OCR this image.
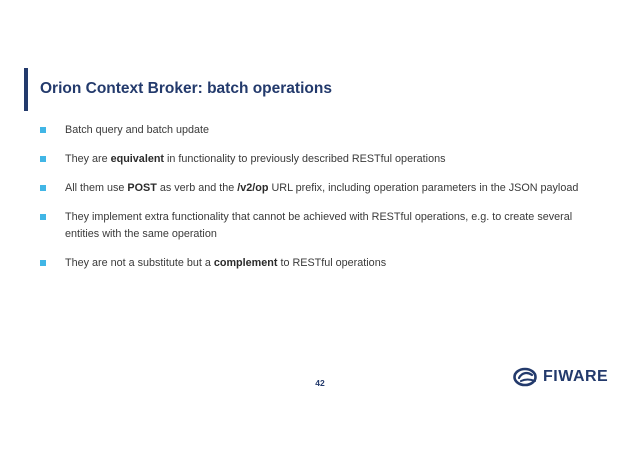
Orion Context Broker: batch operations
Batch query and batch update
They are equivalent in functionality to previously described RESTful operations
All them use POST as verb and the /v2/op URL prefix, including operation parameters in the JSON payload
They implement extra functionality that cannot be achieved with RESTful operations, e.g. to create several entities with the same operation
They are not a substitute but a complement to RESTful operations
42	FIWARE
